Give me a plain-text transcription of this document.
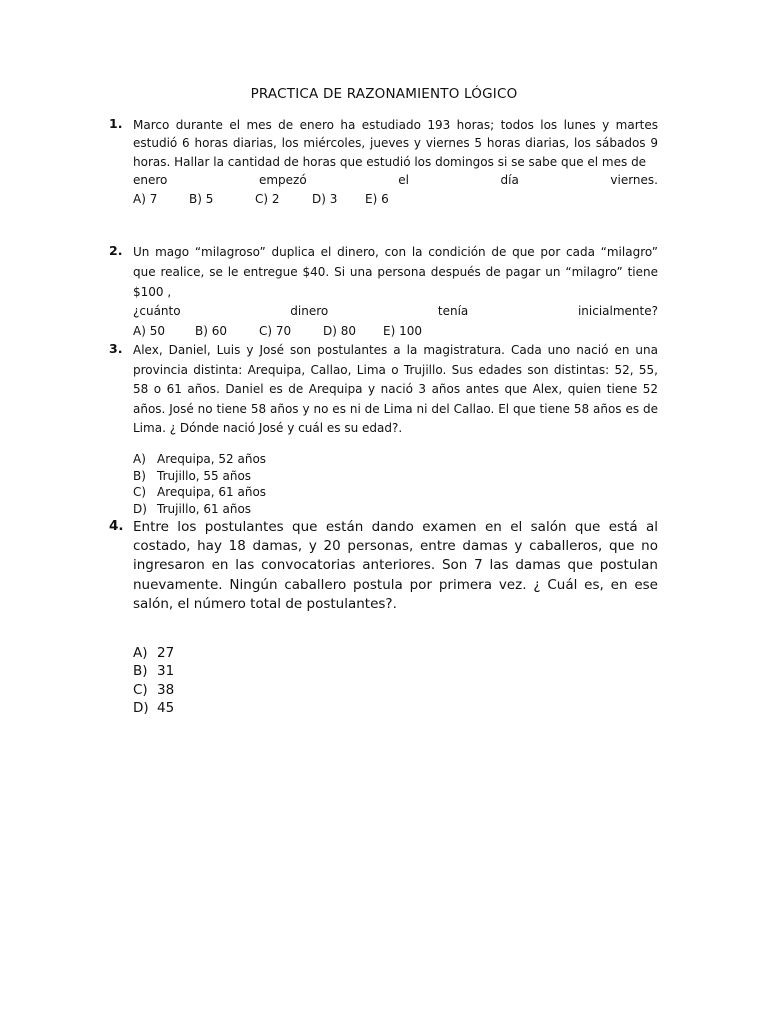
PRACTICA DE RAZONAMIENTO LÓGICO
1. Marco durante el mes de enero ha estudiado 193 horas; todos los lunes y martes estudió 6 horas diarias, los miércoles, jueves y viernes 5 horas diarias, los sábados 9 horas. Hallar la cantidad de horas que estudió los domingos si se sabe que el mes de
enero empezó el día viernes.
A) 7	B) 5	C) 2	D) 3	E) 6
2. Un mago “milagroso” duplica el dinero, con la condición de que por cada “milagro” que realice, se le entregue $40. Si una persona después de pagar un “milagro” tiene $100 ,
¿cuánto dinero tenía inicialmente?
A) 50	B) 60	C) 70	D) 80	E) 100
3. Alex, Daniel, Luis y José son postulantes a la magistratura. Cada uno nació en una provincia distinta: Arequipa, Callao, Lima o Trujillo. Sus edades son distintas: 52, 55, 58 o 61 años. Daniel es de Arequipa y nació 3 años antes que Alex, quien tiene 52 años. José no tiene 58 años y no es ni de Lima ni del Callao. El que tiene 58 años es de Lima. ¿ Dónde nació José y cuál es su edad?.
A) Arequipa, 52 años
B) Trujillo, 55 años
C) Arequipa, 61 años
D) Trujillo, 61 años
4. Entre los postulantes que están dando examen en el salón que está al costado, hay 18 damas, y 20 personas, entre damas y caballeros, que no ingresaron en las convocatorias anteriores. Son 7 las damas que postulan nuevamente. Ningún caballero postula por primera vez. ¿ Cuál es, en ese salón, el número total de postulantes?.
A) 27
B) 31
C) 38
D) 45
